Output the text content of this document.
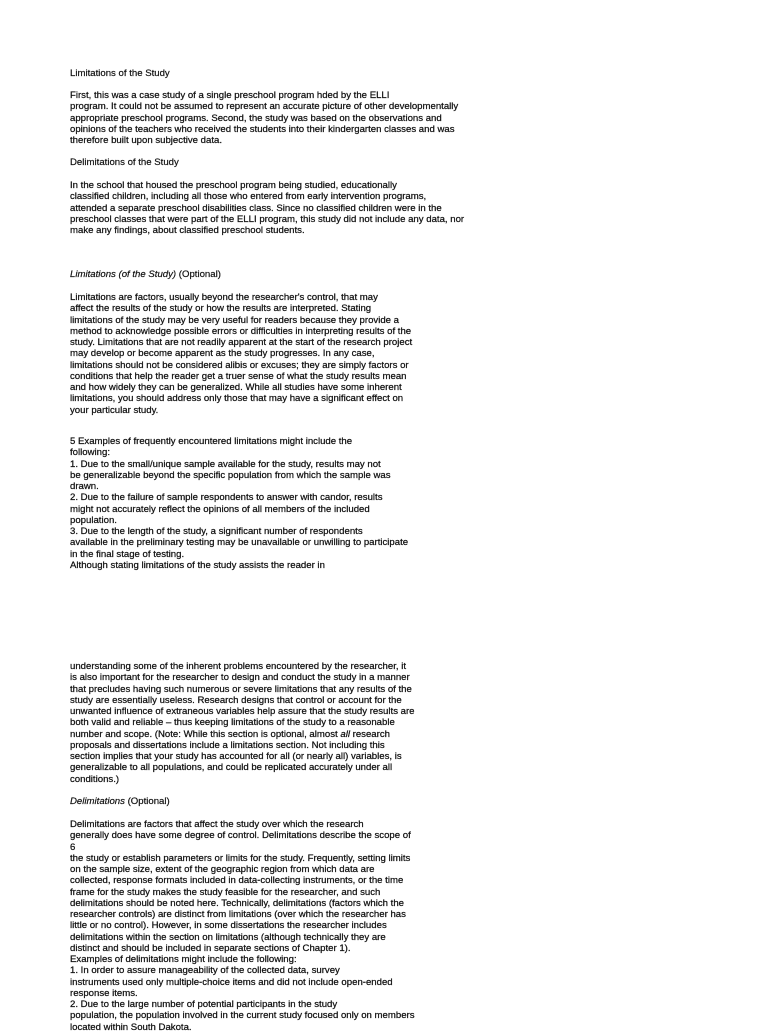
Limitations of the Study
First, this was a case study of a single preschool program hded by the ELLI
program. It could not be assumed to represent an accurate picture of other developmentally
appropriate preschool programs. Second, the study was based on the observations and
opinions of the teachers who received the students into their kindergarten classes and was
therefore built upon subjective data.
Delimitations of the Study
In the school that housed the preschool program being studied, educationally
classified children, including all those who entered from early intervention programs,
attended a separate preschool disabilities class. Since no classified children were in the
preschool classes that were part of the ELLI program, this study did not include any data, nor
make any findings, about classified preschool students.
Limitations (of the Study) (Optional)
Limitations are factors, usually beyond the researcher's control, that may
affect the results of the study or how the results are interpreted. Stating
limitations of the study may be very useful for readers because they provide a
method to acknowledge possible errors or difficulties in interpreting results of the
study. Limitations that are not readily apparent at the start of the research project
may develop or become apparent as the study progresses. In any case,
limitations should not be considered alibis or excuses; they are simply factors or
conditions that help the reader get a truer sense of what the study results mean
and how widely they can be generalized. While all studies have some inherent
limitations, you should address only those that may have a significant effect on
your particular study.
5 Examples of frequently encountered limitations might include the
following:
1. Due to the small/unique sample available for the study, results may not
be generalizable beyond the specific population from which the sample was
drawn.
2. Due to the failure of sample respondents to answer with candor, results
might not accurately reflect the opinions of all members of the included
population.
3. Due to the length of the study, a significant number of respondents
available in the preliminary testing may be unavailable or unwilling to participate
in the final stage of testing.
Although stating limitations of the study assists the reader in
understanding some of the inherent problems encountered by the researcher, it
is also important for the researcher to design and conduct the study in a manner
that precludes having such numerous or severe limitations that any results of the
study are essentially useless. Research designs that control or account for the
unwanted influence of extraneous variables help assure that the study results are
both valid and reliable – thus keeping limitations of the study to a reasonable
number and scope. (Note: While this section is optional, almost all research
proposals and dissertations include a limitations section. Not including this
section implies that your study has accounted for all (or nearly all) variables, is
generalizable to all populations, and could be replicated accurately under all
conditions.)
Delimitations (Optional)
Delimitations are factors that affect the study over which the research
generally does have some degree of control. Delimitations describe the scope of
6
the study or establish parameters or limits for the study. Frequently, setting limits
on the sample size, extent of the geographic region from which data are
collected, response formats included in data-collecting instruments, or the time
frame for the study makes the study feasible for the researcher, and such
delimitations should be noted here. Technically, delimitations (factors which the
researcher controls) are distinct from limitations (over which the researcher has
little or no control). However, in some dissertations the researcher includes
delimitations within the section on limitations (although technically they are
distinct and should be included in separate sections of Chapter 1).
Examples of delimitations might include the following:
1. In order to assure manageability of the collected data, survey
instruments used only multiple-choice items and did not include open-ended
response items.
2. Due to the large number of potential participants in the study
population, the population involved in the current study focused only on members
located within South Dakota.
